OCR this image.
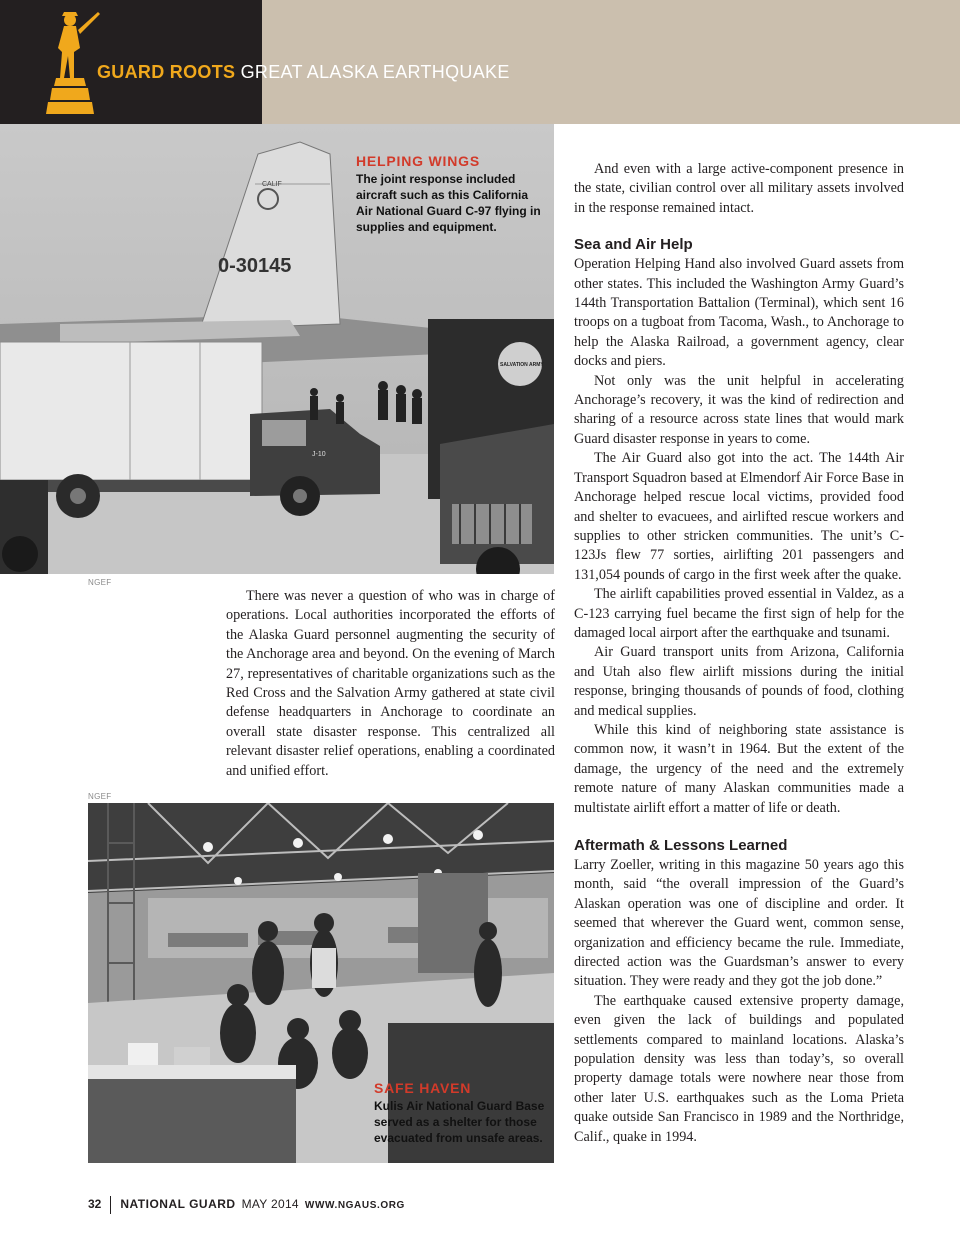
GUARD ROOTS GREAT ALASKA EARTHQUAKE
CALIF
0-30145
J-10
SALVATION ARMY
HELPING WINGS

The joint response included aircraft such as this California Air National Guard C-97 flying in supplies and equipment.

NGEF

There was never a question of who was in charge of operations. Local authorities incorporated the efforts of the Alaska Guard personnel augmenting the security of the Anchorage area and beyond. On the evening of March 27, representatives of charitable organizations such as the Red Cross and the Salvation Army gathered at state civil defense headquarters in Anchorage to coordinate an overall state disaster response. This centralized all relevant disaster relief operations, enabling a coordinated and unified effort.

NGEF
SAFE HAVEN

Kulis Air National Guard Base served as a shelter for those evacuated from unsafe areas.

And even with a large active-component presence in the state, civilian control over all military assets involved in the response remained intact.

Sea and Air Help

Operation Helping Hand also involved Guard assets from other states. This included the Washington Army Guard’s 144th Transportation Battalion (Terminal), which sent 16 troops on a tugboat from Tacoma, Wash., to Anchorage to help the Alaska Railroad, a government agency, clear docks and piers.

Not only was the unit helpful in accelerating Anchorage’s recovery, it was the kind of redirection and sharing of a resource across state lines that would mark Guard disaster response in years to come.

The Air Guard also got into the act. The 144th Air Transport Squadron based at Elmendorf Air Force Base in Anchorage helped rescue local victims, provided food and shelter to evacuees, and airlifted rescue workers and supplies to other stricken communities. The unit’s C-123Js flew 77 sorties, airlifting 201 passengers and 131,054 pounds of cargo in the first week after the quake.

The airlift capabilities proved essential in Valdez, as a C-123 carrying fuel became the first sign of help for the damaged local airport after the earthquake and tsunami.

Air Guard transport units from Arizona, California and Utah also flew airlift missions during the initial response, bringing thousands of pounds of food, clothing and medical supplies.

While this kind of neighboring state assistance is common now, it wasn’t in 1964. But the extent of the damage, the urgency of the need and the extremely remote nature of many Alaskan communities made a multistate airlift effort a matter of life or death.

Aftermath & Lessons Learned

Larry Zoeller, writing in this magazine 50 years ago this month, said “the overall impression of the Guard’s Alaskan operation was one of discipline and order. It seemed that wherever the Guard went, common sense, organization and efficiency became the rule. Immediate, directed action was the Guardsman’s answer to every situation. They were ready and they got the job done.”

The earthquake caused extensive property damage, even given the lack of buildings and populated settlements compared to mainland locations. Alaska’s population density was less than today’s, so overall property damage totals were nowhere near those from other later U.S. earthquakes such as the Loma Prieta quake outside San Francisco in 1989 and the Northridge, Calif., quake in 1994.

32 NATIONAL GUARD MAY 2014 WWW.NGAUS.ORG
